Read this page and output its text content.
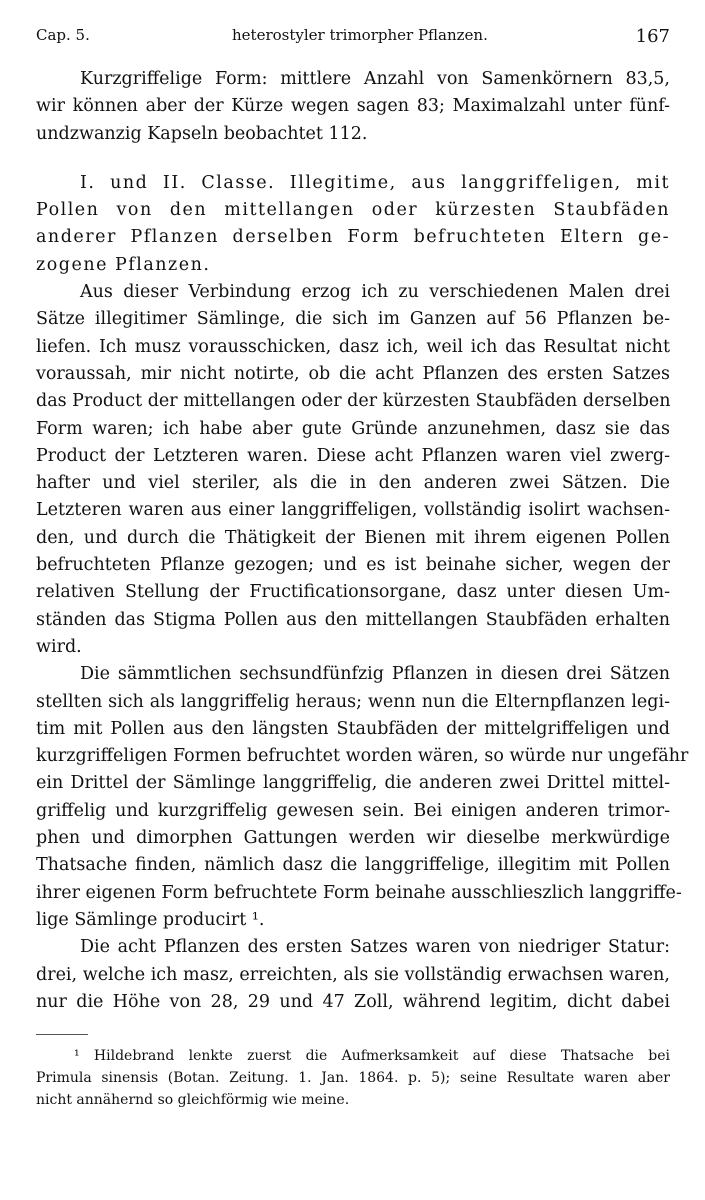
Cap. 5.	heterostyler trimorpher Pflanzen.	167
Kurzgriffelige Form: mittlere Anzahl von Samenkörnern 83,5,
wir können aber der Kürze wegen sagen 83; Maximalzahl unter fünf-
undzwanzig Kapseln beobachtet 112.
I. und II. Classe. Illegitime, aus langgriffeligen, mit
Pollen von den mittellangen oder kürzesten Staubfäden
anderer Pflanzen derselben Form befruchteten Eltern ge-
zogene Pflanzen.
Aus dieser Verbindung erzog ich zu verschiedenen Malen drei
Sätze illegitimer Sämlinge, die sich im Ganzen auf 56 Pflanzen be-
liefen. Ich musz vorausschicken, dasz ich, weil ich das Resultat nicht
voraussah, mir nicht notirte, ob die acht Pflanzen des ersten Satzes
das Product der mittellangen oder der kürzesten Staubfäden derselben
Form waren; ich habe aber gute Gründe anzunehmen, dasz sie das
Product der Letzteren waren. Diese acht Pflanzen waren viel zwerg-
hafter und viel steriler, als die in den anderen zwei Sätzen. Die
Letzteren waren aus einer langgriffeligen, vollständig isolirt wachsen-
den, und durch die Thätigkeit der Bienen mit ihrem eigenen Pollen
befruchteten Pflanze gezogen; und es ist beinahe sicher, wegen der
relativen Stellung der Fructificationsorgane, dasz unter diesen Um-
ständen das Stigma Pollen aus den mittellangen Staubfäden erhalten
wird.
Die sämmtlichen sechsundfünfzig Pflanzen in diesen drei Sätzen
stellten sich als langgriffelig heraus; wenn nun die Elternpflanzen legi-
tim mit Pollen aus den längsten Staubfäden der mittelgriffeligen und
kurzgriffeligen Formen befruchtet worden wären, so würde nur ungefähr
ein Drittel der Sämlinge langgriffelig, die anderen zwei Drittel mittel-
griffelig und kurzgriffelig gewesen sein. Bei einigen anderen trimor-
phen und dimorphen Gattungen werden wir dieselbe merkwürdige
Thatsache finden, nämlich dasz die langgriffelige, illegitim mit Pollen
ihrer eigenen Form befruchtete Form beinahe ausschlieszlich langgriffe-
lige Sämlinge producirt ¹.
Die acht Pflanzen des ersten Satzes waren von niedriger Statur:
drei, welche ich masz, erreichten, als sie vollständig erwachsen waren,
nur die Höhe von 28, 29 und 47 Zoll, während legitim, dicht dabei
¹ Hildebrand lenkte zuerst die Aufmerksamkeit auf diese Thatsache bei
Primula sinensis (Botan. Zeitung. 1. Jan. 1864. p. 5); seine Resultate waren aber
nicht annähernd so gleichförmig wie meine.
